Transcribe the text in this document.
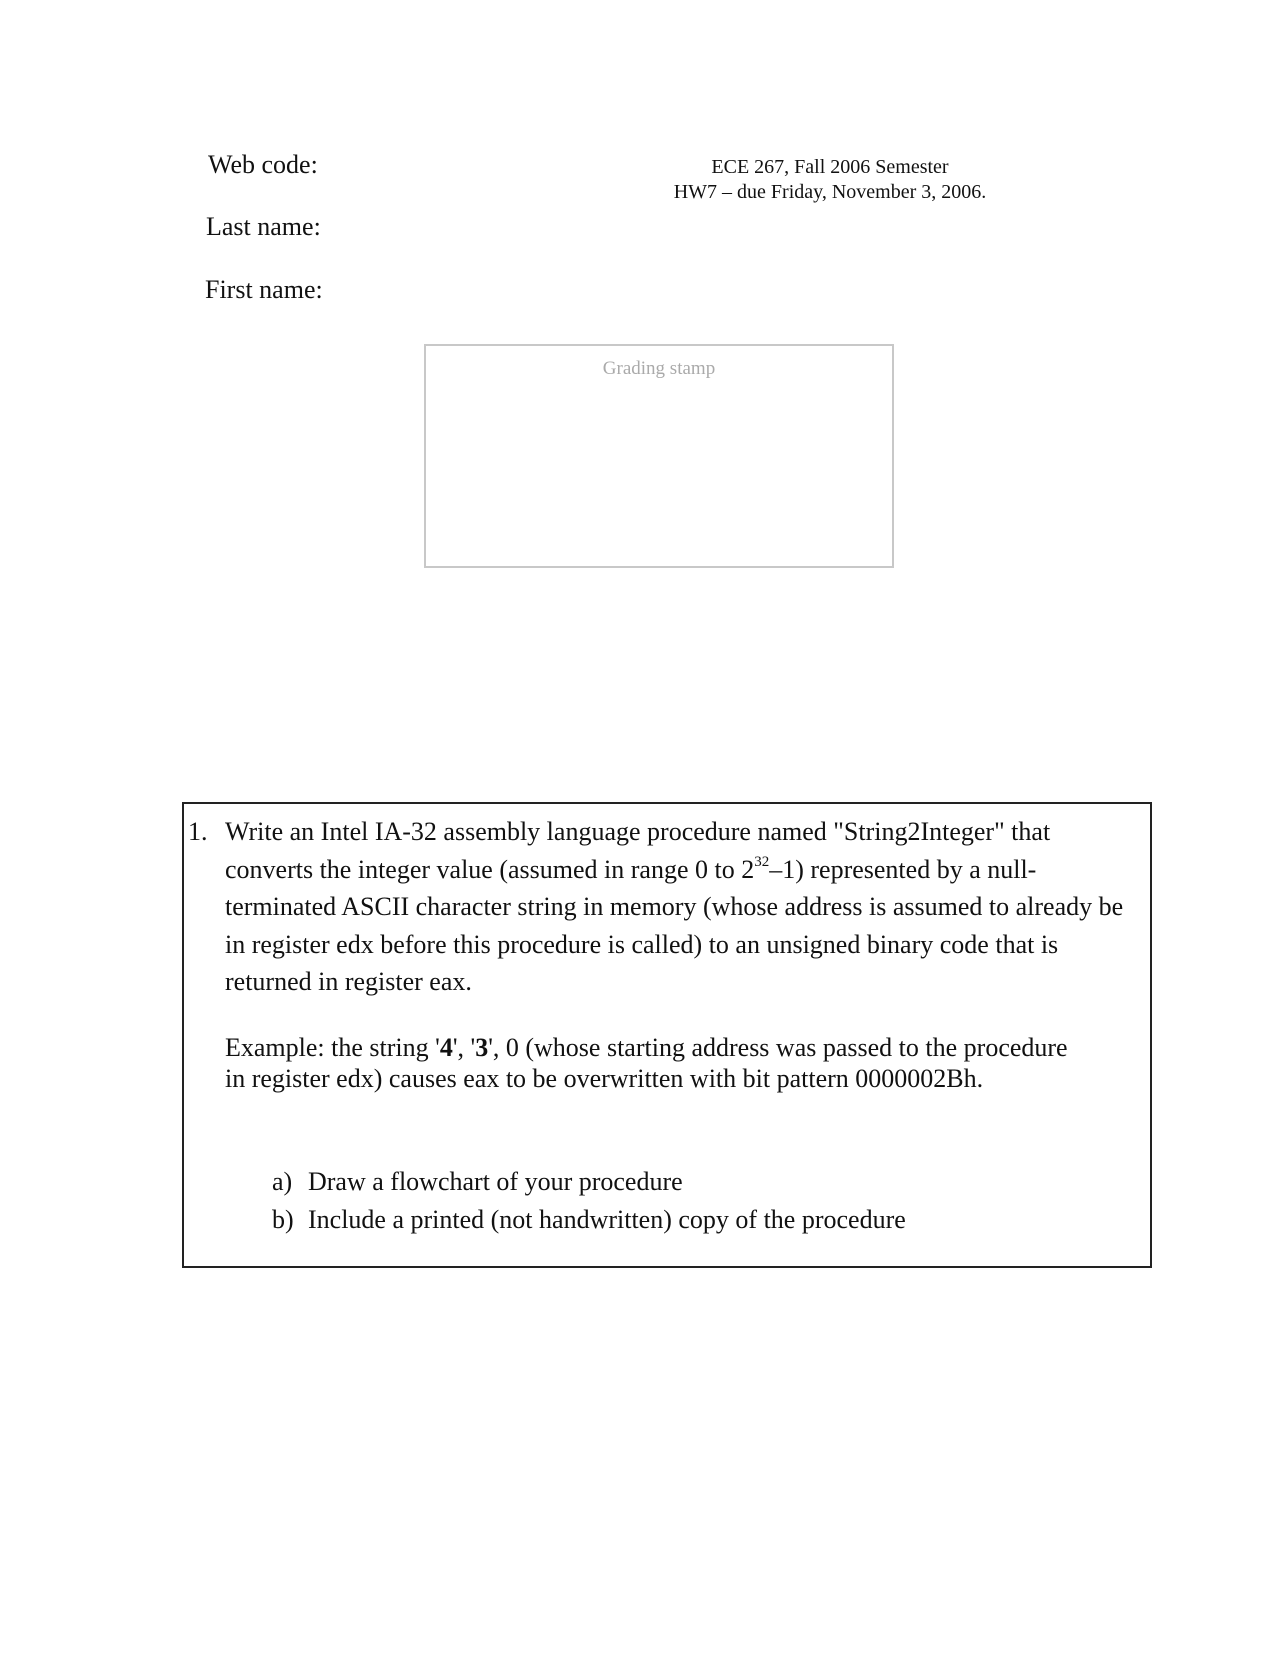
Web code:
Last name:
First name:
ECE 267, Fall 2006 Semester
HW7 – due Friday, November 3, 2006.
Grading stamp
1. Write an Intel IA-32 assembly language procedure named "String2Integer" that converts the integer value (assumed in range 0 to $2^{32}-1$) represented by a null-terminated ASCII character string in memory (whose address is assumed to already be in register edx before this procedure is called) to an unsigned binary code that is returned in register eax.
Example: the string '4', '3', 0 (whose starting address was passed to the procedure in register edx) causes eax to be overwritten with bit pattern 0000002Bh.
a) Draw a flowchart of your procedure
b) Include a printed (not handwritten) copy of the procedure
